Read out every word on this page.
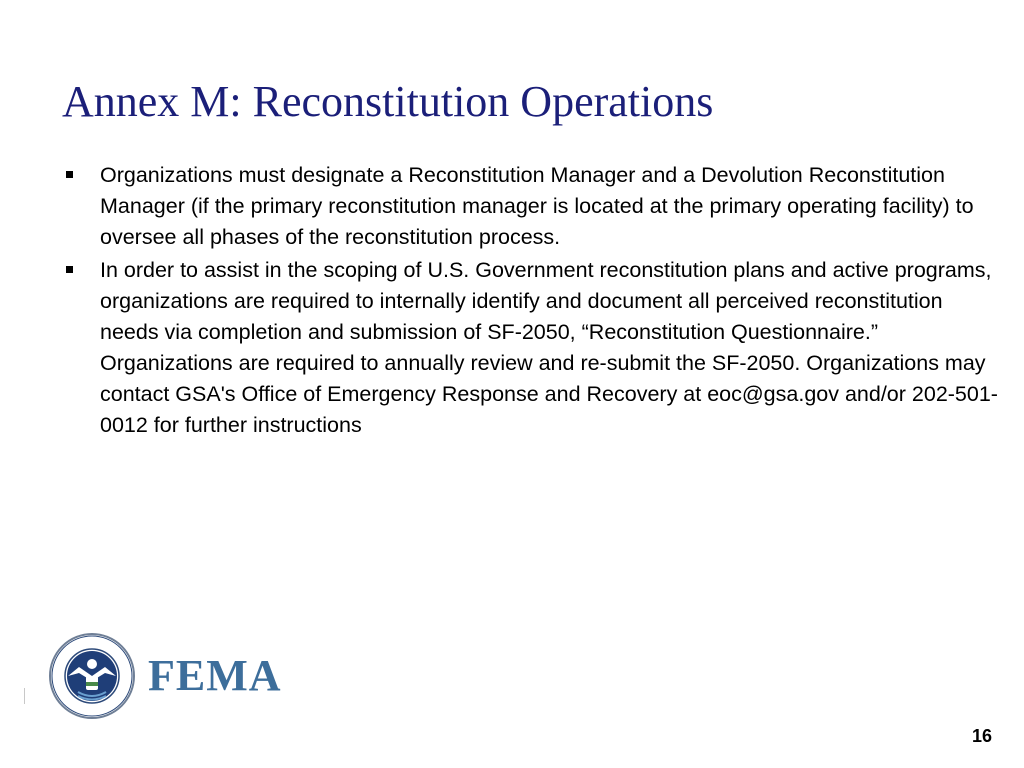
Annex M: Reconstitution Operations
Organizations must designate a Reconstitution Manager and a Devolution Reconstitution Manager (if the primary reconstitution manager is located at the primary operating facility) to oversee all phases of the reconstitution process.
In order to assist in the scoping of U.S. Government reconstitution plans and active programs, organizations are required to internally identify and document all perceived reconstitution needs via completion and submission of SF-2050, “Reconstitution Questionnaire.” Organizations are required to annually review and re-submit the SF-2050. Organizations may contact GSA's Office of Emergency Response and Recovery at eoc@gsa.gov and/or 202-501-0012 for further instructions
FEMA
16
